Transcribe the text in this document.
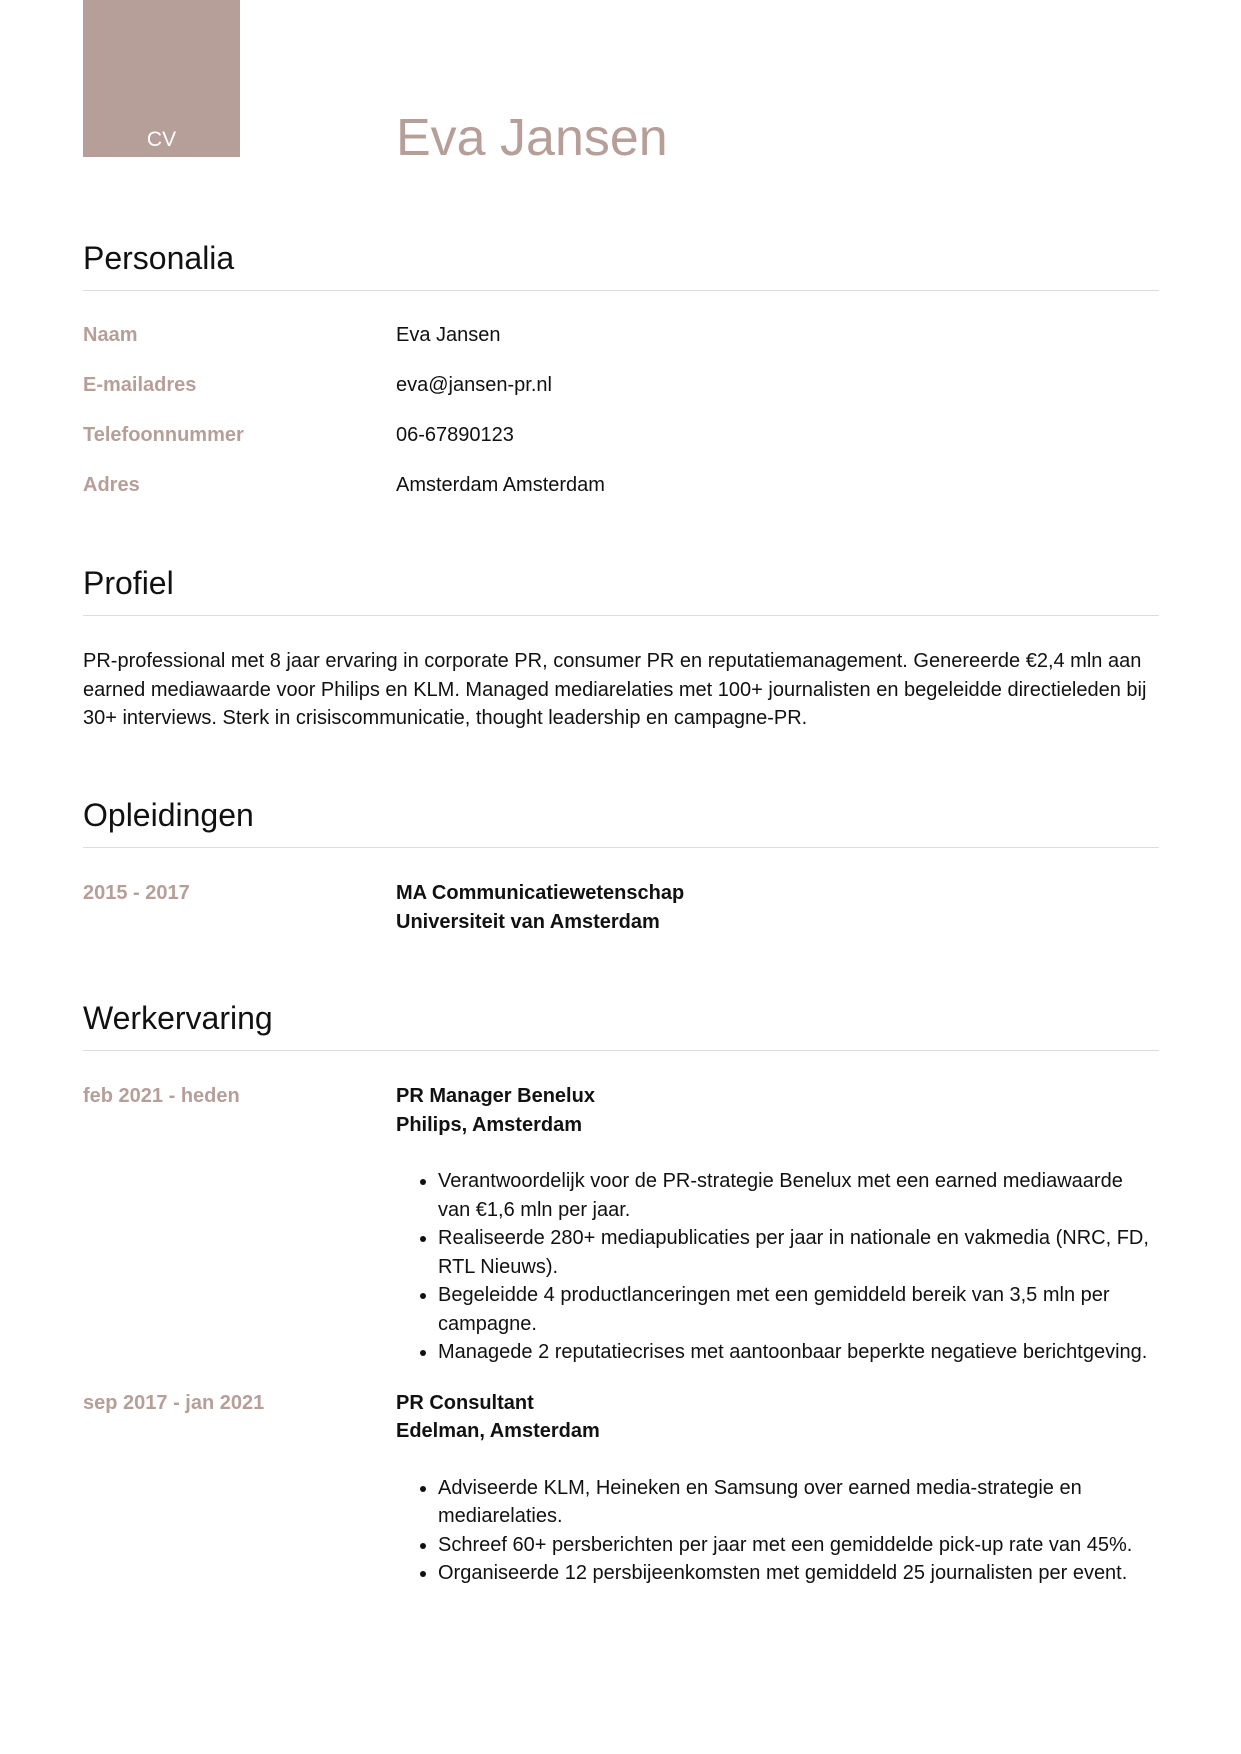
CV	Eva Jansen
Personalia
Naam	Eva Jansen
E-mailadres	eva@jansen-pr.nl
Telefoonnummer	06-67890123
Adres	Amsterdam Amsterdam
Profiel

PR-professional met 8 jaar ervaring in corporate PR, consumer PR en reputatiemanagement. Genereerde €2,4 mln aan earned mediawaarde voor Philips en KLM. Managed mediarelaties met 100+ journalisten en begeleidde directieleden bij 30+ interviews. Sterk in crisiscommunicatie, thought leadership en campagne-PR.

Opleidingen
2015 - 2017	MA Communicatiewetenschap
Universiteit van Amsterdam
Werkervaring
feb 2021 - heden	PR Manager Benelux
Philips, Amsterdam
• Verantwoordelijk voor de PR-strategie Benelux met een earned mediawaarde van €1,6 mln per jaar.
• Realiseerde 280+ mediapublicaties per jaar in nationale en vakmedia (NRC, FD, RTL Nieuws).
• Begeleidde 4 productlanceringen met een gemiddeld bereik van 3,5 mln per campagne.
• Managede 2 reputatiecrises met aantoonbaar beperkte negatieve berichtgeving.
sep 2017 - jan 2021	PR Consultant
Edelman, Amsterdam
• Adviseerde KLM, Heineken en Samsung over earned media-strategie en mediarelaties.
• Schreef 60+ persberichten per jaar met een gemiddelde pick-up rate van 45%.
• Organiseerde 12 persbijeenkomsten met gemiddeld 25 journalisten per event.
